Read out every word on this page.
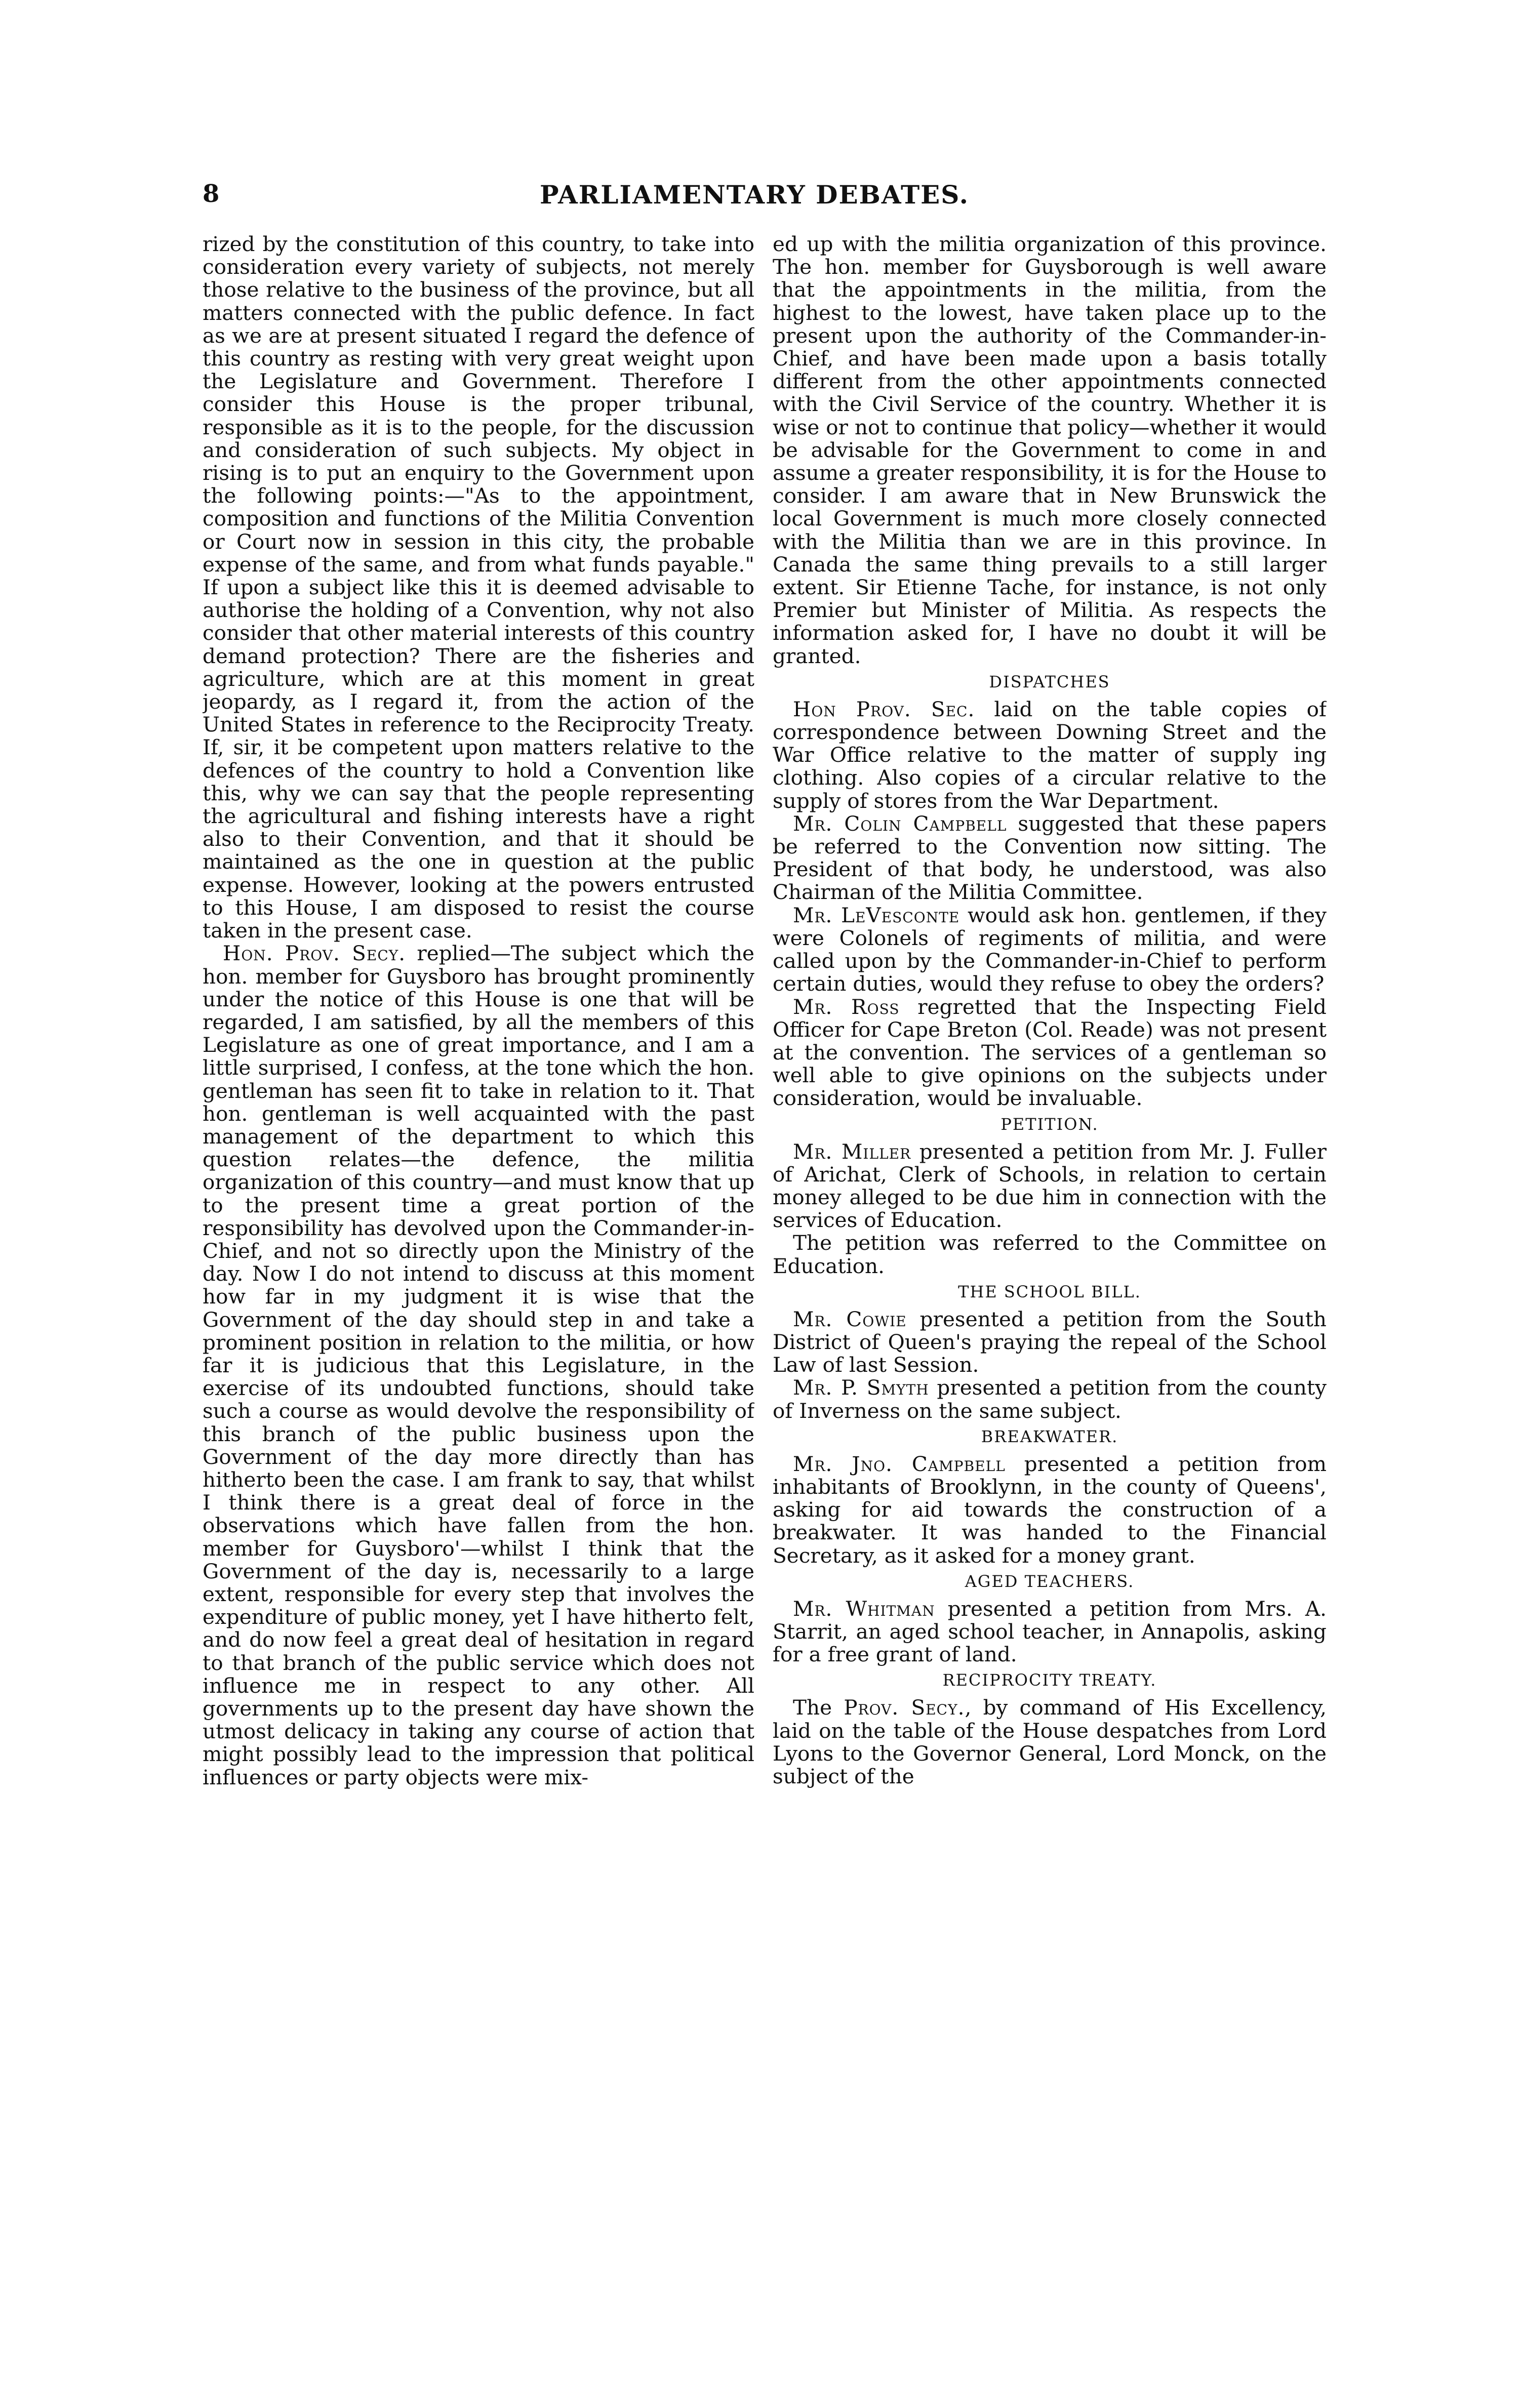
8	PARLIAMENTARY DEBATES.

rized by the constitution of this country, to take into consideration every variety of subjects, not merely those relative to the business of the province, but all matters connected with the public defence. In fact as we are at present situated I regard the defence of this country as resting with very great weight upon the Legislature and Government. Therefore I consider this House is the proper tribunal, responsible as it is to the people, for the discussion and consideration of such subjects. My object in rising is to put an enquiry to the Government upon the following points:—"As to the appointment, composition and functions of the Militia Convention or Court now in session in this city, the probable expense of the same, and from what funds payable." If upon a subject like this it is deemed advisable to authorise the holding of a Convention, why not also consider that other material interests of this country demand protection? There are the fisheries and agriculture, which are at this moment in great jeopardy, as I regard it, from the action of the United States in reference to the Reciprocity Treaty. If, sir, it be competent upon matters relative to the defences of the country to hold a Convention like this, why we can say that the people representing the agricultural and fishing interests have a right also to their Convention, and that it should be maintained as the one in question at the public expense. However, looking at the powers entrusted to this House, I am disposed to resist the course taken in the present case.

Hon. Prov. Secy. replied—The subject which the hon. member for Guysboro has brought prominently under the notice of this House is one that will be regarded, I am satisfied, by all the members of this Legislature as one of great importance, and I am a little surprised, I confess, at the tone which the hon. gentleman has seen fit to take in relation to it. That hon. gentleman is well acquainted with the past management of the department to which this question relates—the defence, the militia organization of this country—and must know that up to the present time a great portion of the responsibility has devolved upon the Commander-in-Chief, and not so directly upon the Ministry of the day. Now I do not intend to discuss at this moment how far in my judgment it is wise that the Government of the day should step in and take a prominent position in relation to the militia, or how far it is judicious that this Legislature, in the exercise of its undoubted functions, should take such a course as would devolve the responsibility of this branch of the public business upon the Government of the day more directly than has hitherto been the case. I am frank to say, that whilst I think there is a great deal of force in the observations which have fallen from the hon. member for Guysboro'—whilst I think that the Government of the day is, necessarily to a large extent, responsible for every step that involves the expenditure of public money, yet I have hitherto felt, and do now feel a great deal of hesitation in regard to that branch of the public service which does not influence me in respect to any other. All governments up to the present day have shown the utmost delicacy in taking any course of action that might possibly lead to the impression that political influences or party objects were mix-

ed up with the militia organization of this province. The hon. member for Guysborough is well aware that the appointments in the militia, from the highest to the lowest, have taken place up to the present upon the authority of the Commander-in-Chief, and have been made upon a basis totally different from the other appointments connected with the Civil Service of the country. Whether it is wise or not to continue that policy—whether it would be advisable for the Government to come in and assume a greater responsibility, it is for the House to consider. I am aware that in New Brunswick the local Government is much more closely connected with the Militia than we are in this province. In Canada the same thing prevails to a still larger extent. Sir Etienne Tache, for instance, is not only Premier but Minister of Militia. As respects the information asked for, I have no doubt it will be granted.

DISPATCHES

Hon Prov. Sec. laid on the table copies of correspondence between Downing Street and the War Office relative to the matter of supply ing clothing. Also copies of a circular relative to the supply of stores from the War Department.

Mr. Colin Campbell suggested that these papers be referred to the Convention now sitting. The President of that body, he understood, was also Chairman of the Militia Committee.

Mr. LeVesconte would ask hon. gentlemen, if they were Colonels of regiments of militia, and were called upon by the Commander-in-Chief to perform certain duties, would they refuse to obey the orders?

Mr. Ross regretted that the Inspecting Field Officer for Cape Breton (Col. Reade) was not present at the convention. The services of a gentleman so well able to give opinions on the subjects under consideration, would be invaluable.

PETITION.

Mr. Miller presented a petition from Mr. J. Fuller of Arichat, Clerk of Schools, in relation to certain money alleged to be due him in connection with the services of Education.

The petition was referred to the Committee on Education.

THE SCHOOL BILL.

Mr. Cowie presented a petition from the South District of Queen's praying the repeal of the School Law of last Session.

Mr. P. Smyth presented a petition from the county of Inverness on the same subject.

BREAKWATER.

Mr. Jno. Campbell presented a petition from inhabitants of Brooklynn, in the county of Queens', asking for aid towards the construction of a breakwater. It was handed to the Financial Secretary, as it asked for a money grant.

AGED TEACHERS.

Mr. Whitman presented a petition from Mrs. A. Starrit, an aged school teacher, in Annapolis, asking for a free grant of land.

RECIPROCITY TREATY.

The Prov. Secy., by command of His Excellency, laid on the table of the House despatches from Lord Lyons to the Governor General, Lord Monck, on the subject of the
